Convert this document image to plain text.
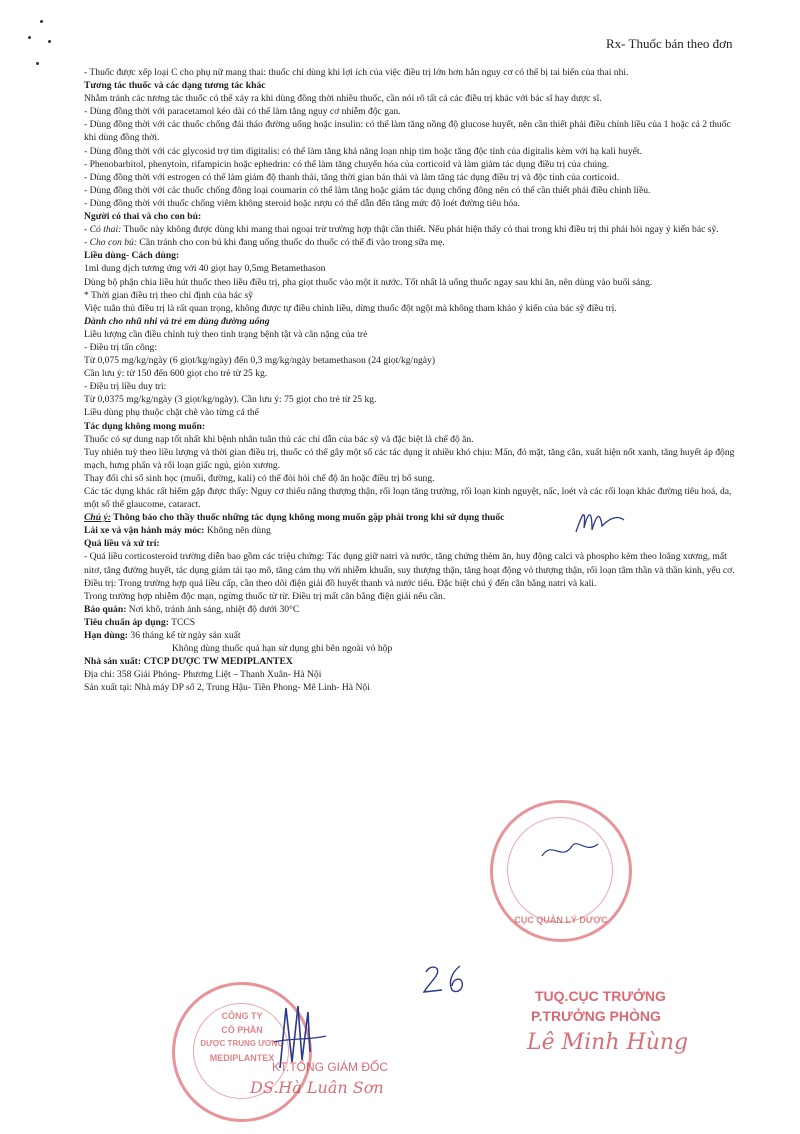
Rx- Thuốc bán theo đơn

- Thuốc được xếp loại C cho phụ nữ mang thai: thuốc chỉ dùng khi lợi ích của việc điều trị lớn hơn hẳn nguy cơ có thể bị tai biến của thai nhi.

Tương tác thuốc và các dạng tương tác khác

Nhằm tránh các tương tác thuốc có thể xảy ra khi dùng đồng thời nhiều thuốc, cần nói rõ tất cả các điều trị khác với bác sĩ hay dược sĩ.

- Dùng đồng thời với paracetamol kéo dài có thể làm tăng nguy cơ nhiễm độc gan.

- Dùng đồng thời với các thuốc chống đái tháo đường uống hoặc insulin: có thể làm tăng nồng độ glucose huyết, nên cần thiết phải điều chỉnh liều của 1 hoặc cả 2 thuốc khi dùng đồng thời.

- Dùng đồng thời với các glycosid trợ tim digitalis: có thể làm tăng khả năng loạn nhịp tim hoặc tăng độc tính của digitalis kèm với hạ kali huyết.

- Phenobarbitol, phenytoin, rifampicin hoặc ephedrin: có thể làm tăng chuyển hóa của corticoid và làm giảm tác dụng điều trị của chúng.

- Dùng đồng thời với estrogen có thể làm giảm độ thanh thải, tăng thời gian bán thải và làm tăng tác dụng điều trị và độc tính của corticoid.

- Dùng đồng thời với các thuốc chống đông loại coumarin có thể làm tăng hoặc giảm tác dụng chống đông nên có thể cần thiết phải điều chỉnh liều.

- Dùng đồng thời với thuốc chống viêm không steroid hoặc rượu có thể dẫn đến tăng mức độ loét đường tiêu hóa.

Người có thai và cho con bú:

- Có thai: Thuốc này không được dùng khi mang thai ngoại trừ trường hợp thật cần thiết. Nếu phát hiện thấy có thai trong khi điều trị thì phải hỏi ngay ý kiến bác sỹ.

- Cho con bú: Cần tránh cho con bú khi đang uống thuốc do thuốc có thể đi vào trong sữa mẹ.

Liều dùng- Cách dùng:

1ml dung dịch tương ứng với 40 giọt hay 0,5mg Betamethason

Dùng bộ phận chia liều hút thuốc theo liều điều trị, pha giọt thuốc vào một ít nước. Tốt nhất là uống thuốc ngay sau khi ăn, nên dùng vào buổi sáng.

* Thời gian điều trị theo chỉ định của bác sỹ

Việc tuân thủ điều trị là rất quan trọng, không được tự điều chỉnh liều, dừng thuốc đột ngột mà không tham khảo ý kiến của bác sỹ điều trị.

Dành cho nhũ nhi và trẻ em dùng đường uống

Liều lượng cần điều chỉnh tuỳ theo tình trạng bệnh tật và cân nặng của trẻ

- Điều trị tấn công:

Từ 0,075 mg/kg/ngày (6 giọt/kg/ngày) đến 0,3 mg/kg/ngày betamethason (24 giọt/kg/ngày)

Cần lưu ý: từ 150 đến 600 giọt cho trẻ từ 25 kg.

- Điều trị liều duy trì:

Từ 0,0375 mg/kg/ngày (3 giọt/kg/ngày). Cần lưu ý: 75 giọt cho trẻ từ 25 kg.

Liều dùng phụ thuộc chặt chẽ vào từng cá thể

Tác dụng không mong muốn:

Thuốc có sự dung nạp tốt nhất khi bệnh nhân tuân thủ các chỉ dẫn của bác sỹ và đặc biệt là chế độ ăn.

Tuy nhiên tuỳ theo liều lượng và thời gian điều trị, thuốc có thể gây một số các tác dụng ít nhiều khó chịu: Mẩn, đỏ mặt, tăng cân, xuất hiện nốt xanh, tăng huyết áp động mạch, hưng phấn và rối loạn giấc ngủ, giòn xương.

Thay đổi chỉ số sinh học (muối, đường, kali) có thể đòi hỏi chế độ ăn hoặc điều trị bổ sung.

Các tác dụng khác rất hiếm gặp được thấy: Nguy cơ thiểu năng thượng thận, rối loạn tăng trưởng, rối loạn kinh nguyệt, nấc, loét và các rối loạn khác đường tiêu hoá, da, một số thể glaucome, cataract.

Chú ý: Thông báo cho thầy thuốc những tác dụng không mong muốn gặp phải trong khi sử dụng thuốc

Lái xe và vận hành máy móc: Không nên dùng

Quá liều và xử trí:

- Quá liều corticosteroid trường diễn bao gồm các triệu chứng: Tác dụng giữ natri và nước, tăng chứng thèm ăn, huy động calci và phospho kèm theo loãng xương, mất nitơ, tăng đường huyết, tác dụng giảm tái tạo mô, tăng cảm thụ với nhiễm khuẩn, suy thượng thận, tăng hoạt động vỏ thượng thận, rối loạn tâm thần và thần kinh, yếu cơ.

Điều trị: Trong trường hợp quá liều cấp, cần theo dõi điện giải đồ huyết thanh và nước tiểu. Đặc biệt chú ý đến cân bằng natri và kali.

Trong trường hợp nhiễm độc mạn, ngừng thuốc từ từ. Điều trị mất cân bằng điện giải nếu cần.

Bảo quản: Nơi khô, tránh ánh sáng, nhiệt độ dưới 30°C

Tiêu chuẩn áp dụng: TCCS

Hạn dùng: 36 tháng kể từ ngày sản xuất

Không dùng thuốc quá hạn sử dụng ghi bên ngoài vỏ hộp

Nhà sản xuất: CTCP DƯỢC TW MEDIPLANTEX

Địa chỉ: 358 Giải Phóng- Phương Liệt – Thanh Xuân- Hà Nội

Sản xuất tại: Nhà máy DP số 2, Trung Hậu- Tiền Phong- Mê Linh- Hà Nội

CỤC QUẢN LÝ DƯỢC
TUQ.CỤC TRƯỞNG
P.TRƯỞNG PHÒNG
Lê Minh Hùng
CÔNG TY
CỔ PHẦN
DƯỢC TRUNG ƯƠNG
MEDIPLANTEX
KT.TỔNG GIÁM ĐỐC
DS.Hà Luân Sơn
